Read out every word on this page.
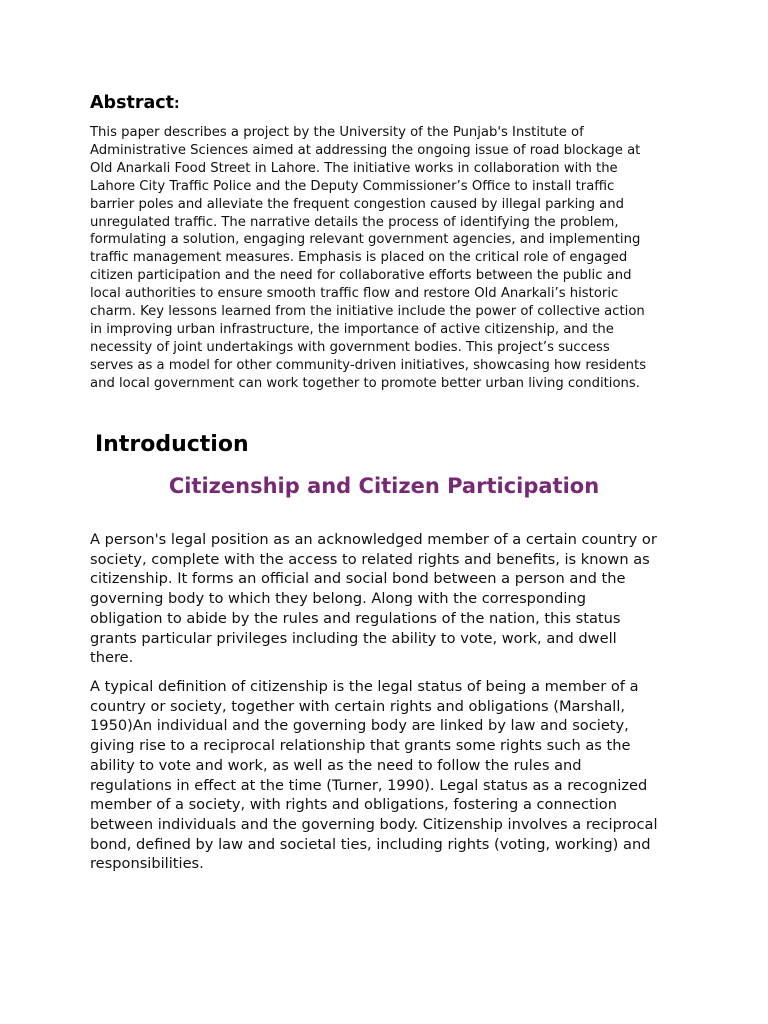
Abstract:

This paper describes a project by the University of the Punjab's Institute of
Administrative Sciences aimed at addressing the ongoing issue of road blockage at
Old Anarkali Food Street in Lahore. The initiative works in collaboration with the
Lahore City Traffic Police and the Deputy Commissioner’s Office to install traffic
barrier poles and alleviate the frequent congestion caused by illegal parking and
unregulated traffic. The narrative details the process of identifying the problem,
formulating a solution, engaging relevant government agencies, and implementing
traffic management measures. Emphasis is placed on the critical role of engaged
citizen participation and the need for collaborative efforts between the public and
local authorities to ensure smooth traffic flow and restore Old Anarkali’s historic
charm. Key lessons learned from the initiative include the power of collective action
in improving urban infrastructure, the importance of active citizenship, and the
necessity of joint undertakings with government bodies. This project’s success
serves as a model for other community-driven initiatives, showcasing how residents
and local government can work together to promote better urban living conditions.

Introduction
Citizenship and Citizen Participation

A person's legal position as an acknowledged member of a certain country or
society, complete with the access to related rights and benefits, is known as
citizenship. It forms an official and social bond between a person and the
governing body to which they belong. Along with the corresponding
obligation to abide by the rules and regulations of the nation, this status
grants particular privileges including the ability to vote, work, and dwell
there.

A typical definition of citizenship is the legal status of being a member of a
country or society, together with certain rights and obligations (Marshall,
1950)An individual and the governing body are linked by law and society,
giving rise to a reciprocal relationship that grants some rights such as the
ability to vote and work, as well as the need to follow the rules and
regulations in effect at the time (Turner, 1990). Legal status as a recognized
member of a society, with rights and obligations, fostering a connection
between individuals and the governing body. Citizenship involves a reciprocal
bond, defined by law and societal ties, including rights (voting, working) and
responsibilities.
